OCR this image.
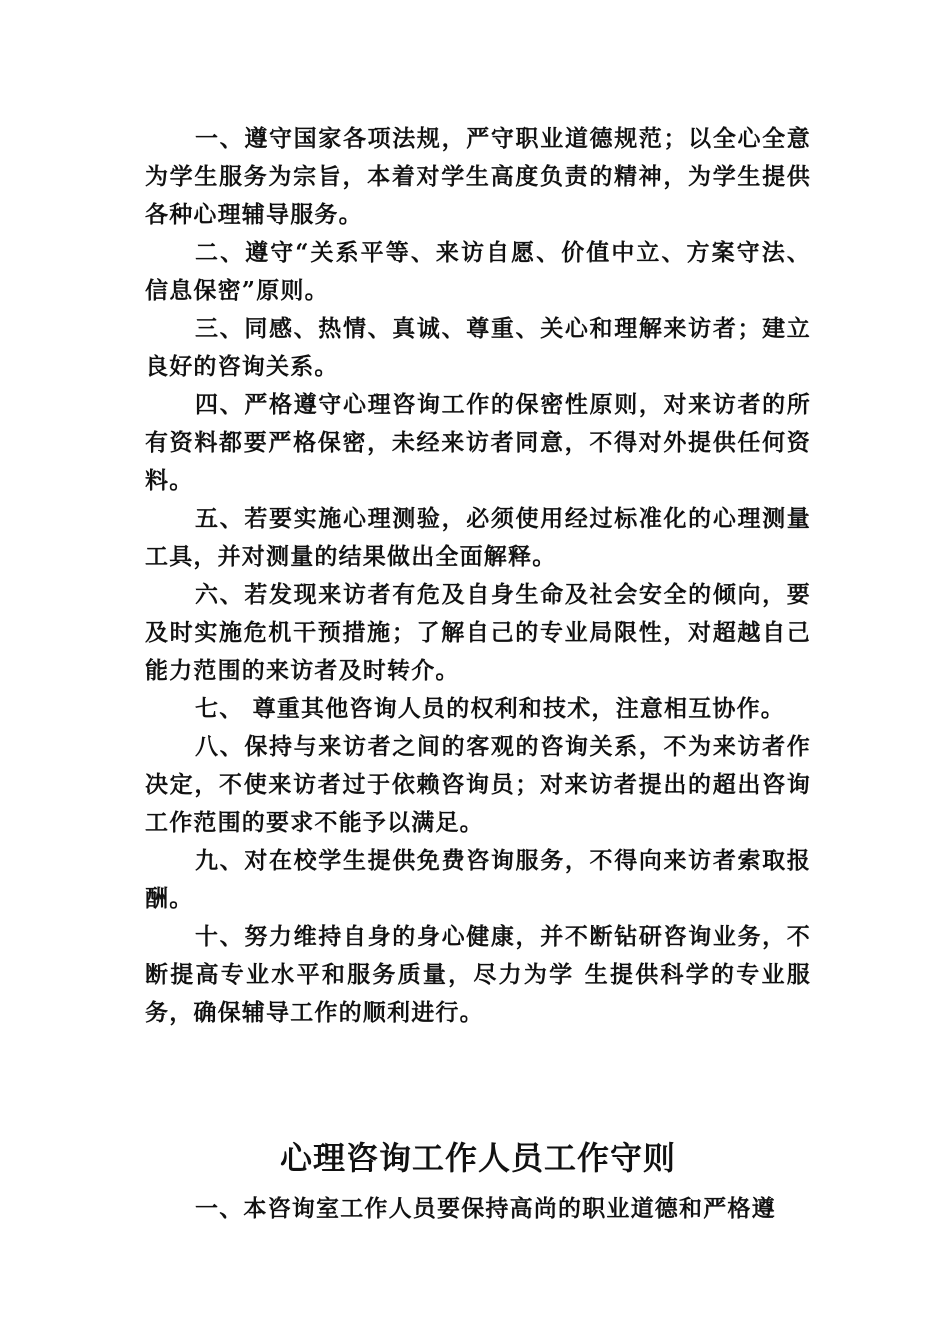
一、遵守国家各项法规，严守职业道德规范；以全心全意为学生服务为宗旨，本着对学生高度负责的精神，为学生提供各种心理辅导服务。

二、遵守“关系平等、来访自愿、价值中立、方案守法、信息保密”原则。

三、同感、热情、真诚、尊重、关心和理解来访者；建立良好的咨询关系。

四、严格遵守心理咨询工作的保密性原则，对来访者的所有资料都要严格保密，未经来访者同意，不得对外提供任何资料。

五、若要实施心理测验，必须使用经过标准化的心理测量工具，并对测量的结果做出全面解释。

六、若发现来访者有危及自身生命及社会安全的倾向，要及时实施危机干预措施；了解自己的专业局限性，对超越自己能力范围的来访者及时转介。

七、 尊重其他咨询人员的权利和技术，注意相互协作。

八、保持与来访者之间的客观的咨询关系，不为来访者作决定，不使来访者过于依赖咨询员；对来访者提出的超出咨询工作范围的要求不能予以满足。

九、对在校学生提供免费咨询服务，不得向来访者索取报酬。

十、努力维持自身的身心健康，并不断钻研咨询业务，不断提高专业水平和服务质量，尽力为学 生提供科学的专业服务，确保辅导工作的顺利进行。

心理咨询工作人员工作守则

一、本咨询室工作人员要保持高尚的职业道德和严格遵
